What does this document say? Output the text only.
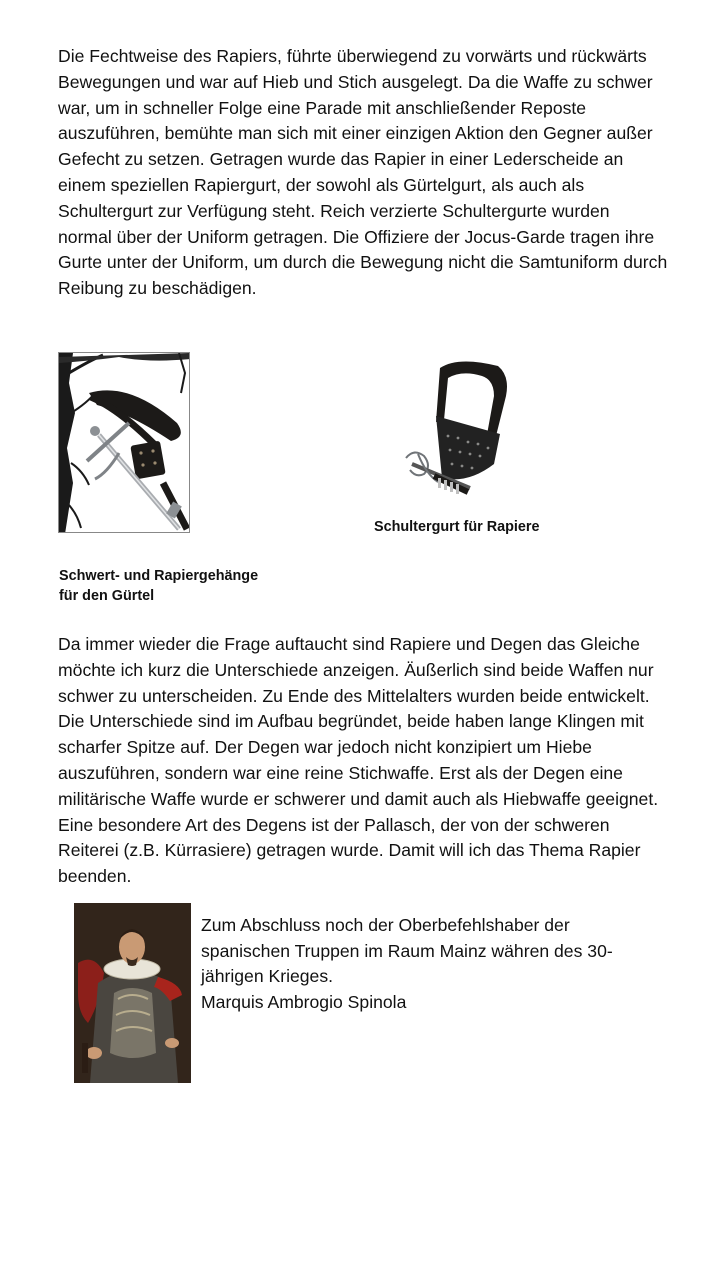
Die Fechtweise des Rapiers, führte überwiegend zu vorwärts und rückwärts Bewegungen und war auf Hieb und Stich ausgelegt. Da die Waffe zu schwer war, um in schneller Folge eine Parade mit anschließender Reposte auszuführen, bemühte man sich mit einer einzigen Aktion den Gegner außer Gefecht zu setzen. Getragen wurde das Rapier in einer Lederscheide an einem speziellen Rapiergurt, der sowohl als Gürtelgurt, als auch als Schultergurt zur Verfügung steht. Reich verzierte Schultergurte wurden normal über der Uniform getragen. Die Offiziere der Jocus-Garde tragen ihre Gurte unter der Uniform, um durch die Bewegung nicht die Samtuniform durch Reibung zu beschädigen.

Schultergurt für Rapiere

Schwert- und Rapiergehänge
für den Gürtel

Da immer wieder die Frage auftaucht sind Rapiere und Degen das Gleiche möchte ich kurz die Unterschiede anzeigen. Äußerlich sind beide Waffen nur schwer zu unterscheiden. Zu Ende des Mittelalters wurden beide entwickelt. Die Unterschiede sind im Aufbau begründet, beide haben lange Klingen mit scharfer Spitze auf. Der Degen war jedoch nicht konzipiert um Hiebe auszuführen, sondern war eine reine Stichwaffe. Erst als der Degen eine militärische Waffe wurde er schwerer und damit auch als Hiebwaffe geeignet. Eine besondere Art des Degens ist der Pallasch, der von der schweren Reiterei (z.B. Kürrasiere) getragen wurde. Damit will ich das Thema Rapier beenden.

Zum Abschluss noch der Oberbefehlshaber der
spanischen Truppen im Raum Mainz währen des 30-
jährigen Krieges.
Marquis Ambrogio Spinola
